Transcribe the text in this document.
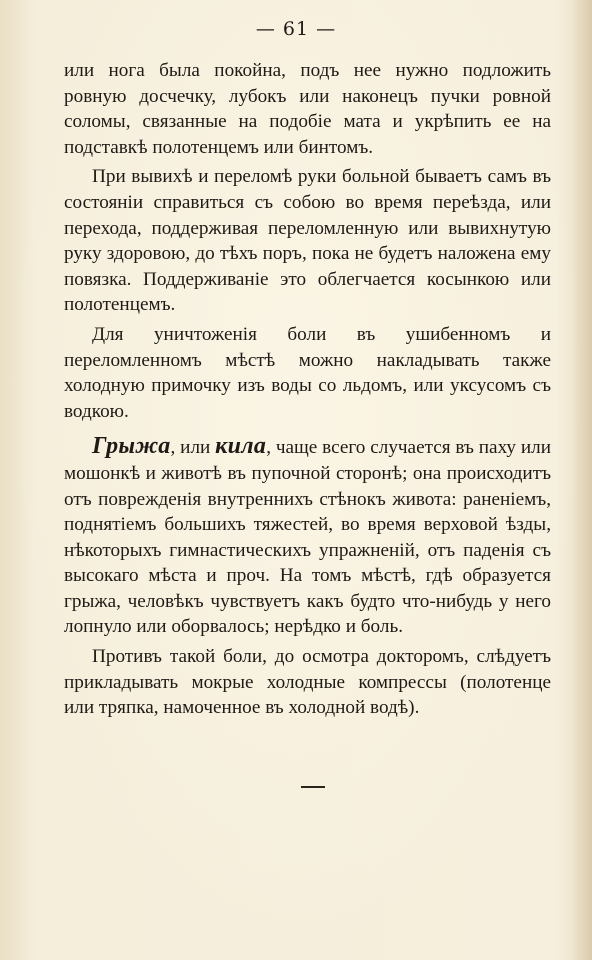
— 61 —

или нога была покойна, подъ нее нужно подложить ровную досчечку, лубокъ или наконецъ пучки ровной соломы, связанные на подобіе мата и укрѣпить ее на подставкѣ полотенцемъ или бинтомъ.

При вывихѣ и переломѣ руки больной бываетъ самъ въ состояніи справиться съ собою во время переѣзда, или перехода, поддерживая переломленную или вывихнутую руку здоровою, до тѣхъ поръ, пока не будетъ наложена ему повязка. Поддерживаніе это облегчается косынкою или полотенцемъ.

Для уничтоженія боли въ ушибенномъ и переломленномъ мѣстѣ можно накладывать также холодную примочку изъ воды со льдомъ, или уксусомъ съ водкою.

Грыжа, или кила, чаще всего случается въ паху или мошонкѣ и животѣ въ пупочной сторонѣ; она происходитъ отъ поврежденія внутреннихъ стѣнокъ живота: раненіемъ, поднятіемъ большихъ тяжестей, во время верховой ѣзды, нѣкоторыхъ гимнастическихъ упражненій, отъ паденія съ высокаго мѣста и проч. На томъ мѣстѣ, гдѣ образуется грыжа, человѣкъ чувствуетъ какъ будто что-нибудь у него лопнуло или оборвалось; нерѣдко и боль.

Противъ такой боли, до осмотра докторомъ, слѣдуетъ прикладывать мокрые холодные компрессы (полотенце или тряпка, намоченное въ холодной водѣ).
